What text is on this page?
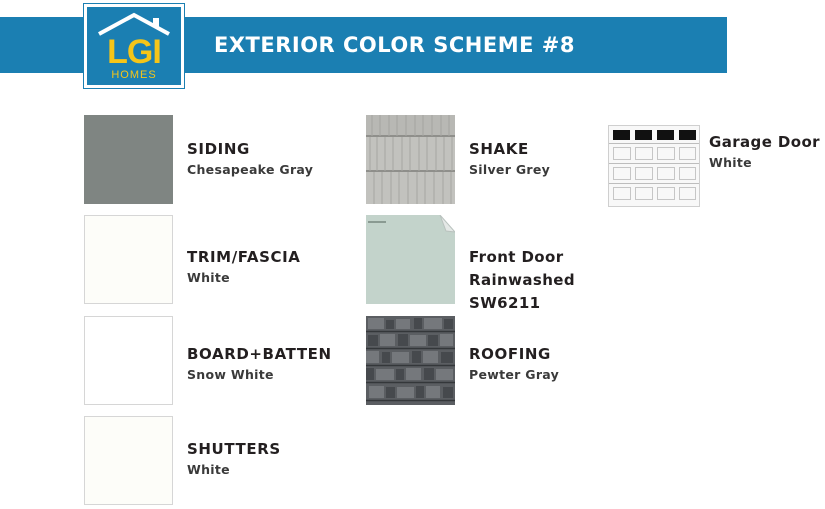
EXTERIOR COLOR SCHEME #8
LGI
HOMES
SIDING
Chesapeake Gray
TRIM/FASCIA
White
BOARD+BATTEN
Snow White
SHUTTERS
White
SHAKE
Silver Grey
Front Door
Rainwashed
SW6211
ROOFING
Pewter Gray
Garage Door
White
